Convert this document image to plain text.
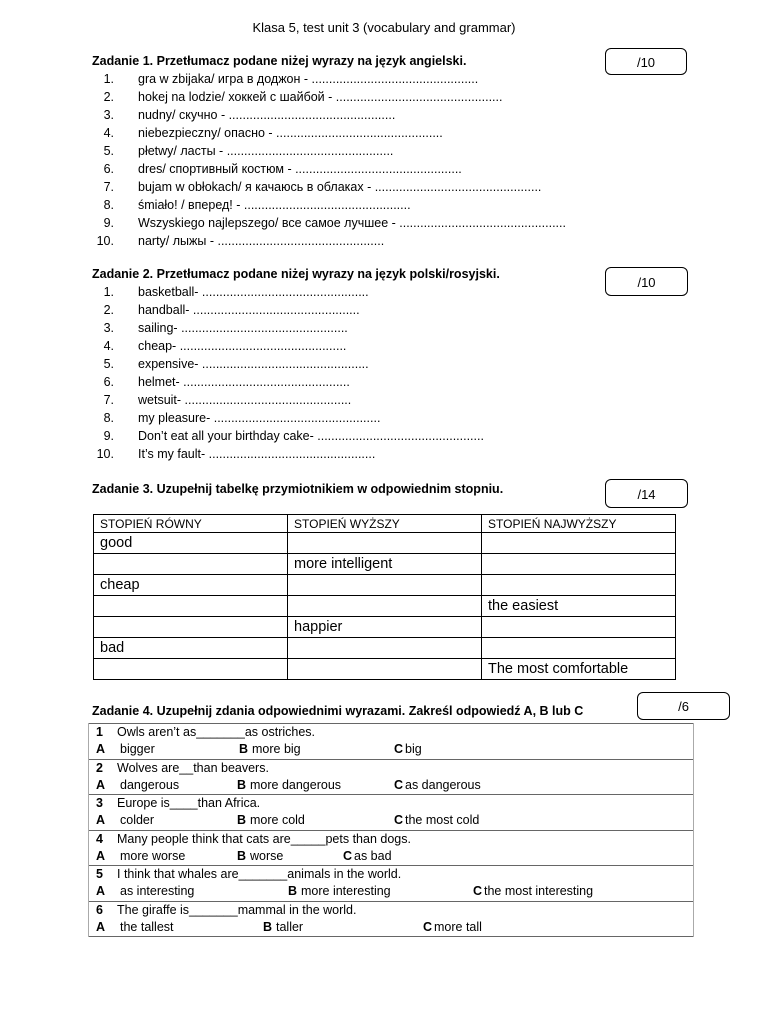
Klasa 5, test unit 3 (vocabulary and grammar)
Zadanie 1. Przetłumacz podane niżej wyrazy na język angielski.
1. gra w zbijaka/ игра в доджон - ................................................
2. hokej na lodzie/ хоккей с шайбой - ................................................
3. nudny/ скучно - ................................................
4. niebezpieczny/ опасно - ................................................
5. płetwy/ ласты - ................................................
6. dres/ спортивный костюм - ................................................
7. bujam w obłokach/ я качаюсь в облаках - ................................................
8. śmiało! / вперед! - ................................................
9. Wszyskiego najlepszego/ все самое лучшее - ................................................
10. narty/ лыжы - ................................................
/10
Zadanie 2. Przetłumacz podane niżej wyrazy na język polski/rosyjski.
1. basketball- ................................................
2. handball- ................................................
3. sailing- ................................................
4. cheap- ................................................
5. expensive- ................................................
6. helmet- ................................................
7. wetsuit- ................................................
8. my pleasure- ................................................
9. Don’t eat all your birthday cake- ................................................
10. It’s my fault- ................................................
/10
Zadanie 3. Uzupełnij tabelkę przymiotnikiem w odpowiednim stopniu.	/14
STOPIEŃ RÓWNY	STOPIEŃ WYŻSZY	STOPIEŃ NAJWYŻSZY
good		
	more intelligent	
cheap		
		the easiest
	happier	
bad		
		The most comfortable
Zadanie 4. Uzupełnij zdania odpowiednimi wyrazami. Zakreśl odpowiedź A, B lub C	/6
1 Owls aren’t as_______as ostriches.
A bigger	B more big	C big
2 Wolves are__than beavers.
A dangerous	B more dangerous	C as dangerous
3 Europe is____than Africa.
A colder	B more cold	C the most cold
4 Many people think that cats are_____pets than dogs.
A more worse	B worse	C as bad
5 I think that whales are_______animals in the world.
A as interesting	B more interesting	C the most interesting
6 The giraffe is_______mammal in the world.
A the tallest	B taller	C more tall
